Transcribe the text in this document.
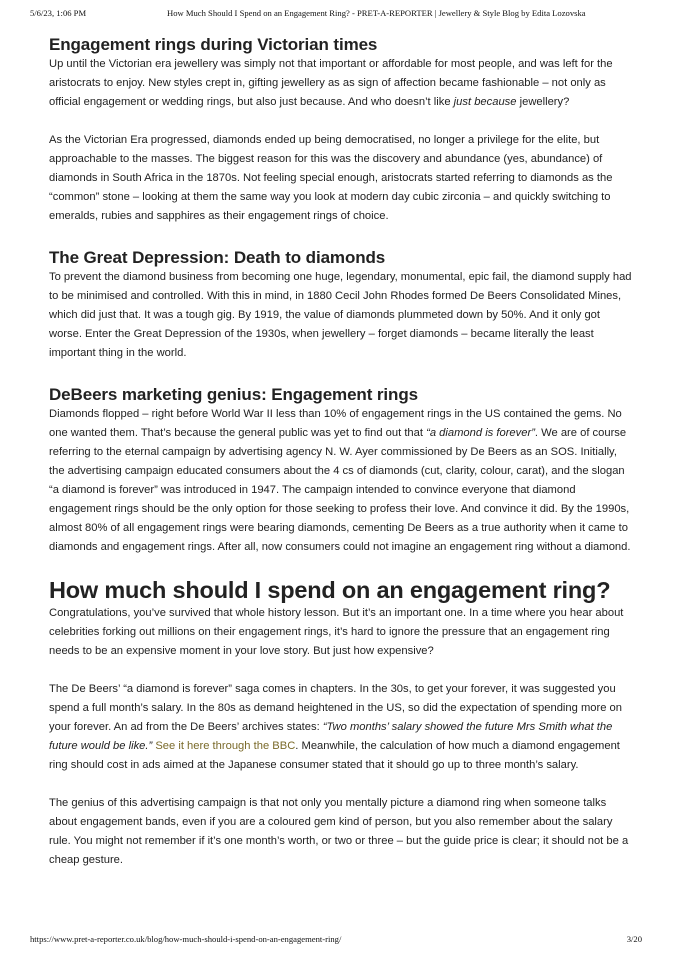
5/6/23, 1:06 PM	How Much Should I Spend on an Engagement Ring? - PRET-A-REPORTER | Jewellery & Style Blog by Edita Lozovska
Engagement rings during Victorian times

Up until the Victorian era jewellery was simply not that important or affordable for most people, and was left for the aristocrats to enjoy. New styles crept in, gifting jewellery as as sign of affection became fashionable – not only as official engagement or wedding rings, but also just because. And who doesn’t like just because jewellery?

As the Victorian Era progressed, diamonds ended up being democratised, no longer a privilege for the elite, but approachable to the masses. The biggest reason for this was the discovery and abundance (yes, abundance) of diamonds in South Africa in the 1870s. Not feeling special enough, aristocrats started referring to diamonds as the “common” stone – looking at them the same way you look at modern day cubic zirconia – and quickly switching to emeralds, rubies and sapphires as their engagement rings of choice.

The Great Depression: Death to diamonds

To prevent the diamond business from becoming one huge, legendary, monumental, epic fail, the diamond supply had to be minimised and controlled. With this in mind, in 1880 Cecil John Rhodes formed De Beers Consolidated Mines, which did just that. It was a tough gig. By 1919, the value of diamonds plummeted down by 50%. And it only got worse. Enter the Great Depression of the 1930s, when jewellery – forget diamonds – became literally the least important thing in the world.

DeBeers marketing genius: Engagement rings

Diamonds flopped – right before World War II less than 10% of engagement rings in the US contained the gems. No one wanted them. That’s because the general public was yet to find out that “a diamond is forever”. We are of course referring to the eternal campaign by advertising agency N. W. Ayer commissioned by De Beers as an SOS. Initially, the advertising campaign educated consumers about the 4 cs of diamonds (cut, clarity, colour, carat), and the slogan “a diamond is forever” was introduced in 1947. The campaign intended to convince everyone that diamond engagement rings should be the only option for those seeking to profess their love. And convince it did. By the 1990s, almost 80% of all engagement rings were bearing diamonds, cementing De Beers as a true authority when it came to diamonds and engagement rings. After all, now consumers could not imagine an engagement ring without a diamond.

How much should I spend on an engagement ring?

Congratulations, you’ve survived that whole history lesson. But it’s an important one. In a time where you hear about celebrities forking out millions on their engagement rings, it’s hard to ignore the pressure that an engagement ring needs to be an expensive moment in your love story. But just how expensive?

The De Beers’ “a diamond is forever” saga comes in chapters. In the 30s, to get your forever, it was suggested you spend a full month’s salary. In the 80s as demand heightened in the US, so did the expectation of spending more on your forever. An ad from the De Beers’ archives states: “Two months’ salary showed the future Mrs Smith what the future would be like.” See it here through the BBC. Meanwhile, the calculation of how much a diamond engagement ring should cost in ads aimed at the Japanese consumer stated that it should go up to three month’s salary.

The genius of this advertising campaign is that not only you mentally picture a diamond ring when someone talks about engagement bands, even if you are a coloured gem kind of person, but you also remember about the salary rule. You might not remember if it’s one month’s worth, or two or three – but the guide price is clear; it should not be a cheap gesture.

https://www.pret-a-reporter.co.uk/blog/how-much-should-i-spend-on-an-engagement-ring/	3/20
